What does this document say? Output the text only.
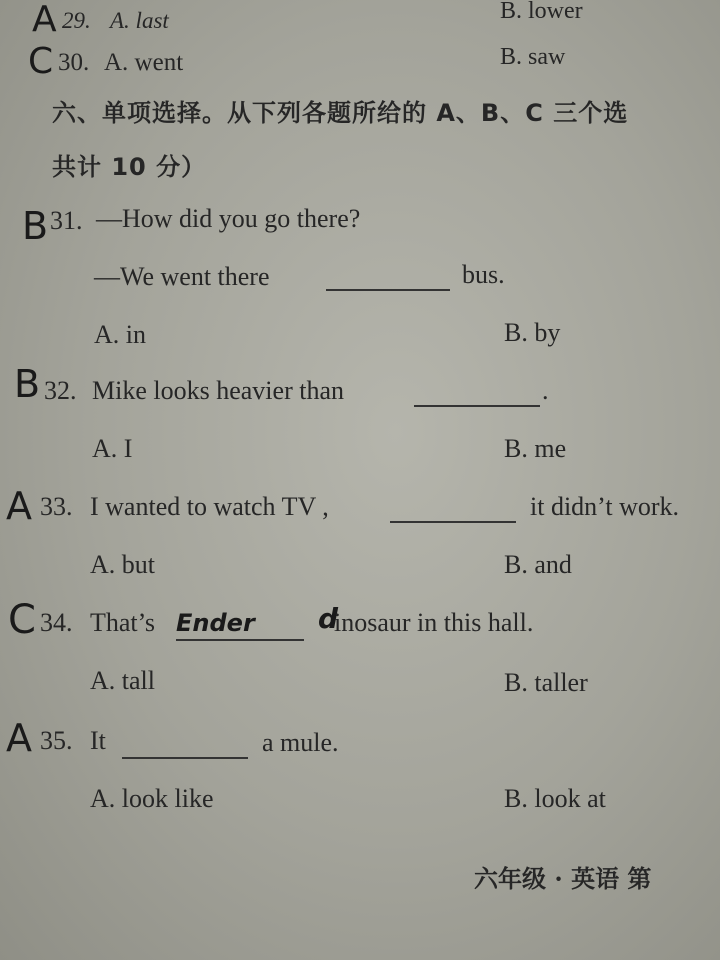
A 29. A. last	B. lower
C 30. A. went	B. saw
六、单项选择。从下列各题所给的 A、B、C 三个选
共计 10 分）
B 31. —How did you go there?
—We went there	bus.
A. in	B. by
B 32. Mike looks heavier than	.
A. I	B. me
A 33. I wanted to watch TV ,	it didn’t work.
A. but	B. and
C 34. That’s Ender d
inosaur in this hall.
A. tall	B. taller
A 35. It	a mule.
A. look like	B. look at
六年级 · 英语 第
